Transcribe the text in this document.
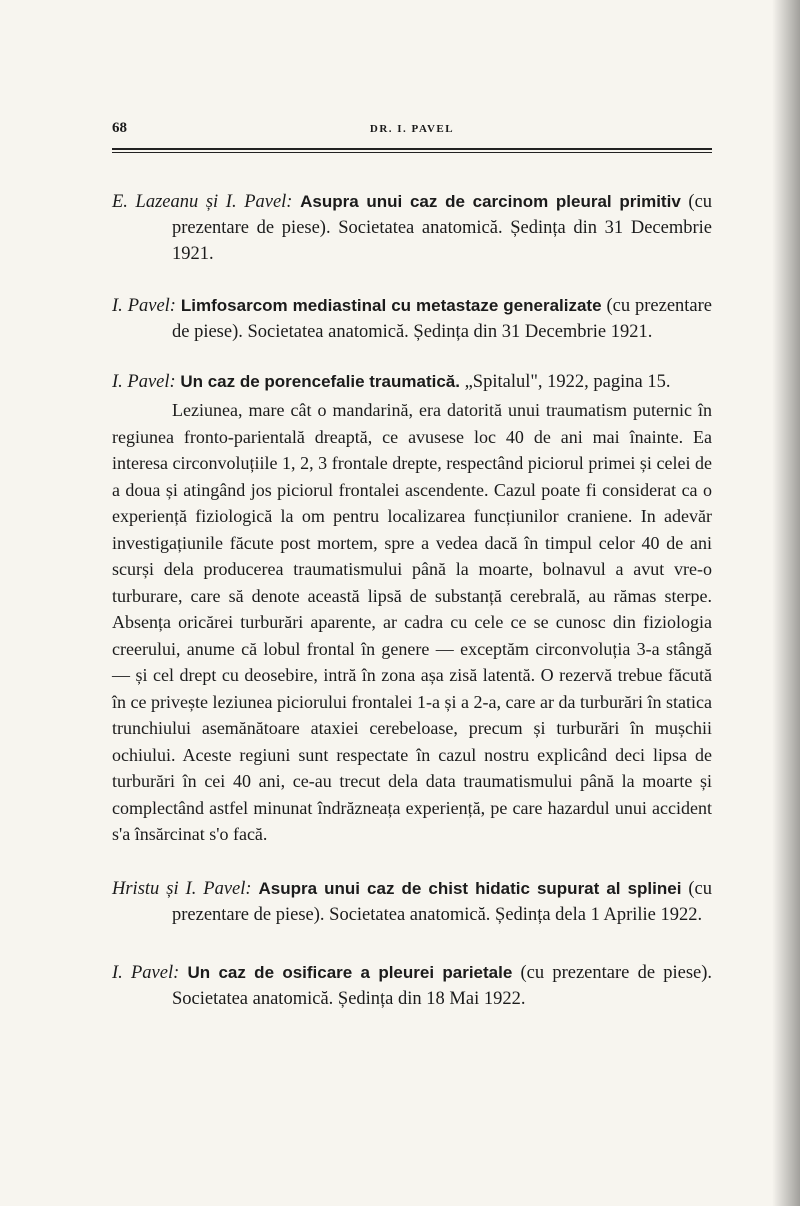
68	DR. I. PAVEL
E. Lazeanu și I. Pavel: Asupra unui caz de carcinom pleural primitiv (cu prezentare de piese). Societatea anatomică. Ședința din 31 Decembrie 1921.
I. Pavel: Limfosarcom mediastinal cu metastaze generalizate (cu prezentare de piese). Societatea anatomică. Ședința din 31 Decembrie 1921.
I. Pavel: Un caz de porencefalie traumatică. „Spitalul", 1922, pagina 15.
Leziunea, mare cât o mandarină, era datorită unui traumatism puternic în regiunea fronto-parientală dreaptă, ce avusese loc 40 de ani mai înainte. Ea interesa circonvoluțiile 1, 2, 3 frontale drepte, respectând piciorul primei și celei de a doua și atingând jos piciorul frontalei ascendente. Cazul poate fi considerat ca o experiență fiziologică la om pentru localizarea funcțiunilor craniene. In adevăr investigațiunile făcute post mortem, spre a vedea dacă în timpul celor 40 de ani scurși dela producerea traumatismului până la moarte, bolnavul a avut vre-o turburare, care să denote această lipsă de substanță cerebrală, au rămas sterpe. Absența oricărei turburări aparente, ar cadra cu cele ce se cunosc din fiziologia creerului, anume că lobul frontal în genere — exceptăm circonvoluția 3-a stângă — și cel drept cu deosebire, intră în zona așa zisă latentă. O rezervă trebue făcută în ce privește leziunea piciorului frontalei 1-a și a 2-a, care ar da turburări în statica trunchiului asemănătoare ataxiei cerebeloase, precum și turburări în mușchii ochiului. Aceste regiuni sunt respectate în cazul nostru explicând deci lipsa de turburări în cei 40 ani, ce-au trecut dela data traumatismului până la moarte și complectând astfel minunat îndrăzneața experiență, pe care hazardul unui accident s'a însărcinat s'o facă.
Hristu și I. Pavel: Asupra unui caz de chist hidatic supurat al splinei (cu prezentare de piese). Societatea anatomică. Ședința dela 1 Aprilie 1922.
I. Pavel: Un caz de osificare a pleurei parietale (cu prezentare de piese). Societatea anatomică. Ședința din 18 Mai 1922.
